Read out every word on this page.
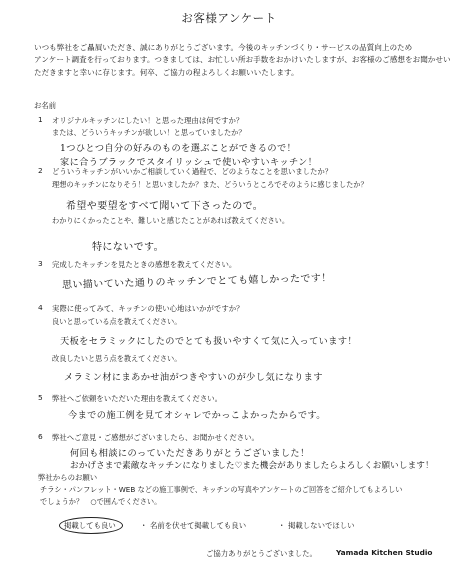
お客様アンケート
いつも弊社をご贔屓いただき、誠にありがとうございます。今後のキッチンづくり・サービスの品質向上のため
アンケート調査を行っております。つきましては、お忙しい所お手数をおかけいたしますが、お客様のご感想をお聞かせい
ただきますと幸いに存じます。何卒、ご協力の程よろしくお願いいたします。
お名前
1 オリジナルキッチンにしたい！と思った理由は何ですか？
または、どういうキッチンが欲しい！と思っていましたか？
1つひとつ自分の好みのものを選ぶことができるので！
家に合うブラックでスタイリッシュで使いやすいキッチン！
2 どういうキッチンがいいかご相談していく過程で、どのようなことを思いましたか？
理想のキッチンになりそう！と思いましたか？また、どういうところでそのように感じましたか？
希望や要望をすべて聞いて下さったので。
わかりにくかったことや、難しいと感じたことがあれば教えてください。
特にないです。
3 完成したキッチンを見たときの感想を教えてください。
思い描いていた通りのキッチンでとても嬉しかったです！
4 実際に使ってみて、キッチンの使い心地はいかがですか？
良いと思っている点を教えてください。
天板をセラミックにしたのでとても扱いやすくて気に入っています！
改良したいと思う点を教えてください。
メラミン材にまあかせ油がつきやすいのが少し気になります
5 弊社へご依頼をいただいた理由を教えてください。
今までの施工例を見てオシャレでかっこよかったからです。
6 弊社へご意見・ご感想がございましたら、お聞かせください。
何回も相談にのっていただきありがとうございました！
おかげさまで素敵なキッチンになりました♡また機会がありましたらよろしくお願いします！
弊社からのお願い
チラシ・パンフレット・WEB などの施工事例で、キッチンの写真やアンケートのご回答をご紹介してもよろしい
でしょうか？　○で囲んでください。
掲載しても良い	・ 名前を伏せて掲載しても良い	・ 掲載しないでほしい
ご協力ありがとうございました。	Yamada Kitchen Studio
